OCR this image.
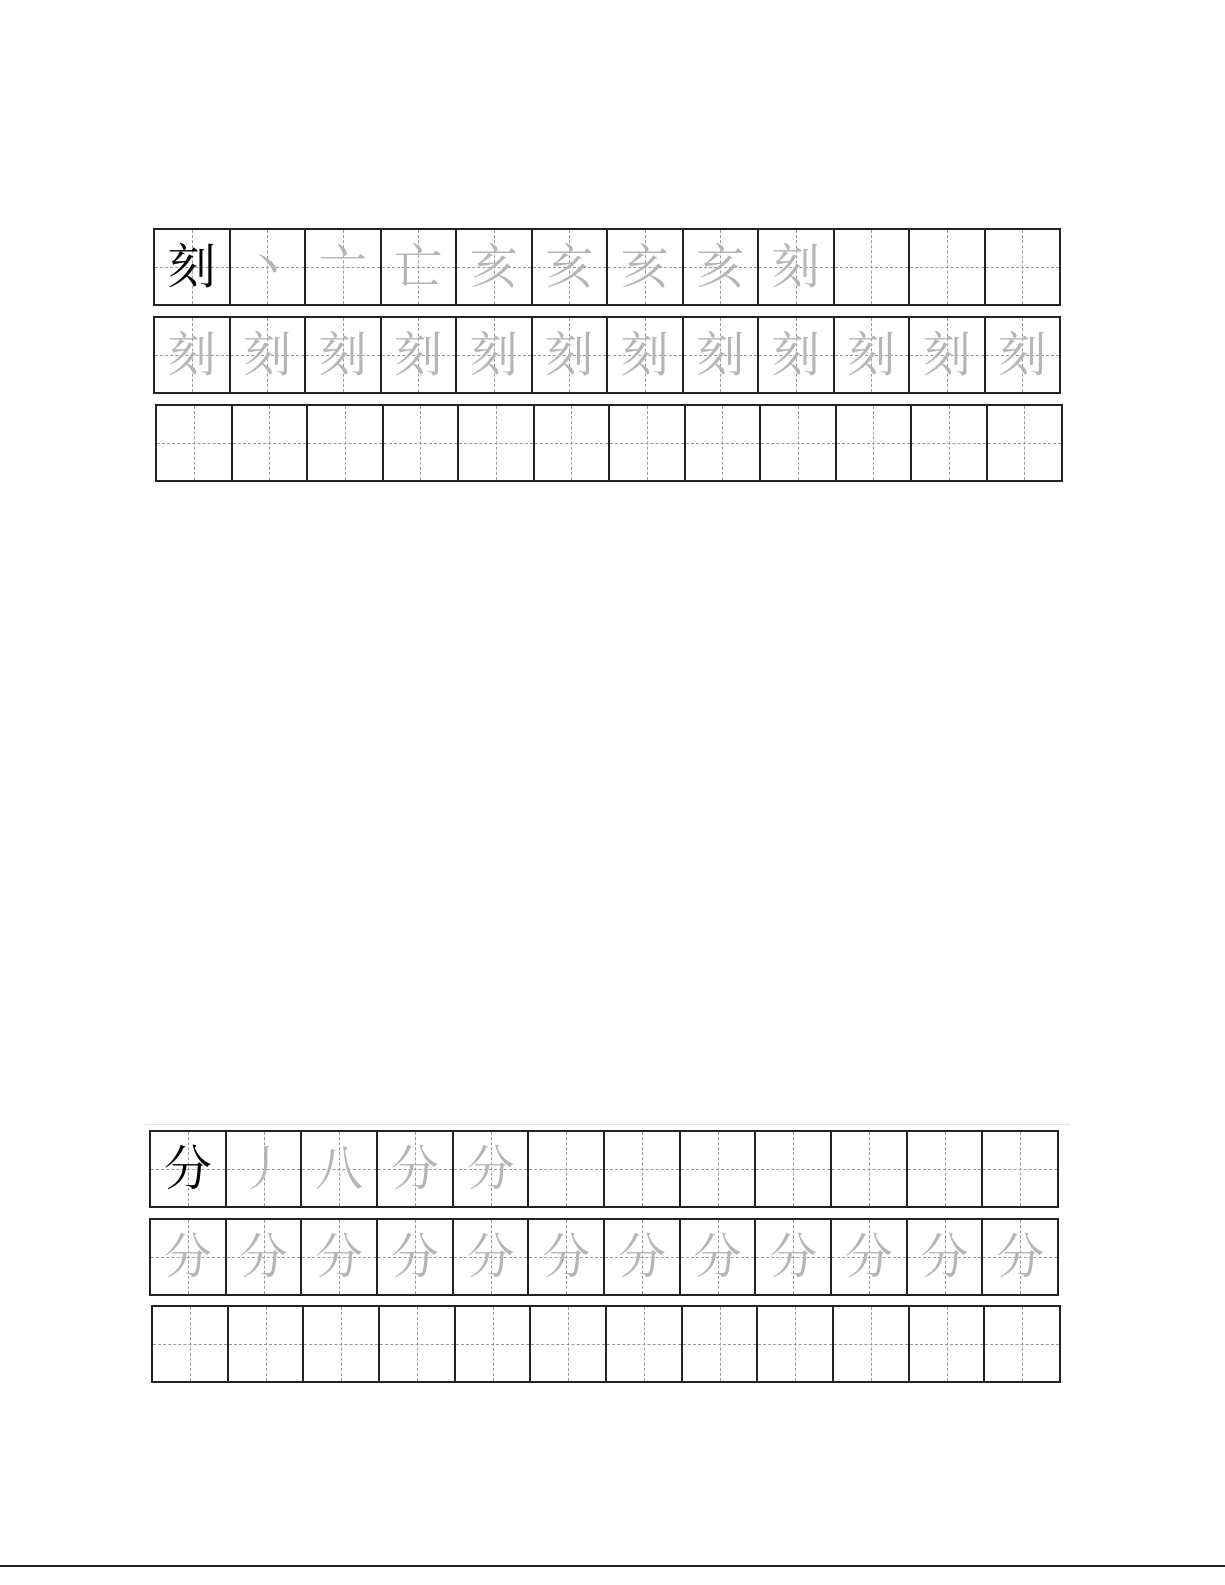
刻 丶 亠 亡 亥 亥 亥 亥 刻
刻 刻 刻 刻 刻 刻 刻 刻 刻 刻 刻 刻
分 丿 八 分 分
分 分 分 分 分 分 分 分 分 分 分 分
